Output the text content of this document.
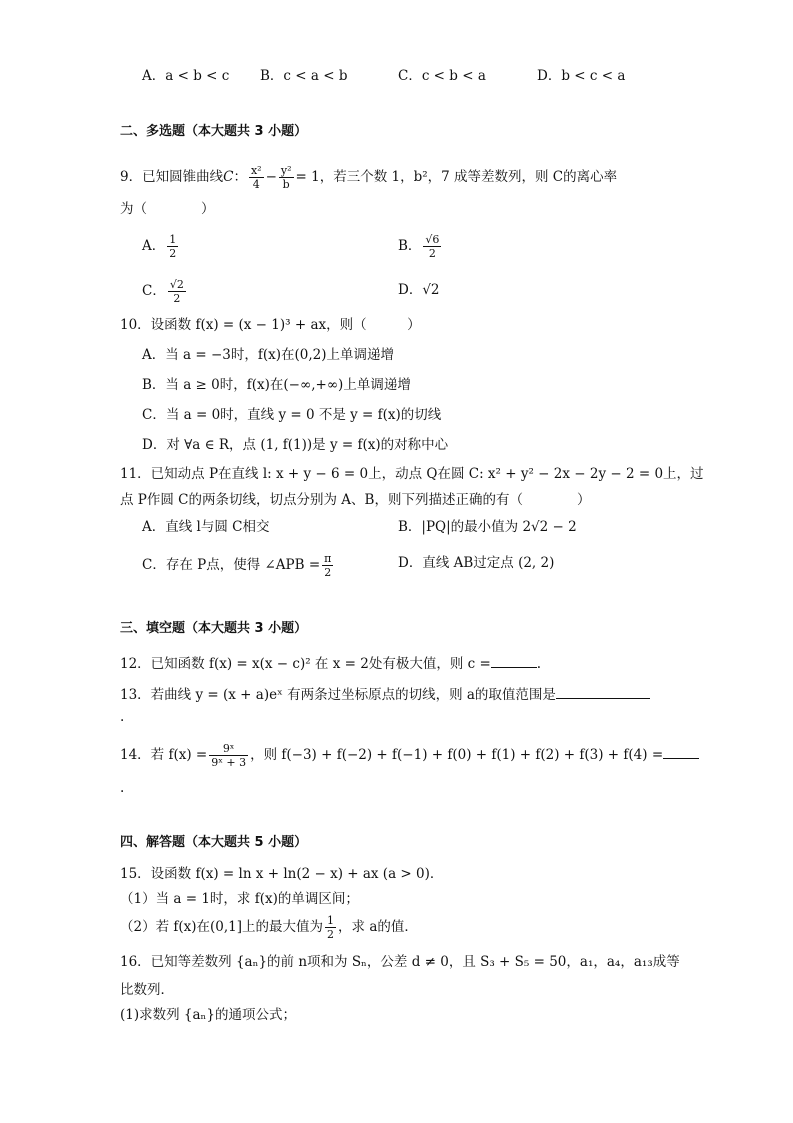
A．a < b < c B．c < a < b	C．c < b < a	D．b < c < a
二、多选题（本大题共 3 小题）
9．已知圆锥曲线C： $\frac{\text{x²}}{4} - \frac{\text{y²}}{b} = 1$，若三个数 1，b²，7 成等差数列，则 C的离心率
为（　　　　）
A． $\frac{1}{2}$	B． $\frac{√6}{2}$
C． $\frac{√2}{2}$	D．√2
10．设函数 f(x) = (x − 1)³ + ax，则（　　　）
A．当 a = −3时，f(x)在(0,2)上单调递增
B．当 a ≥ 0时，f(x)在(−∞,+∞)上单调递增
C．当 a = 0时，直线 y = 0 不是 y = f(x)的切线
D．对 ∀a ∈ R，点 (1, f(1))是 y = f(x)的对称中心
11．已知动点 P在直线 l: x + y − 6 = 0上，动点 Q在圆 C: x² + y² − 2x − 2y − 2 = 0上，过
点 P作圆 C的两条切线，切点分别为 A、B，则下列描述正确的有（　　　　）
A．直线 l与圆 C相交	B．|PQ|的最小值为 2√2 − 2
C．存在 P点，使得 ∠APB = $\frac{\pi}{2}$	D．直线 AB过定点 (2, 2)
三、填空题（本大题共 3 小题）
12．已知函数 f(x) = x(x − c)² 在 x = 2处有极大值，则 c =	.
13．若曲线 y = (x + a)eˣ 有两条过坐标原点的切线，则 a的取值范围是
.
14．若 $f(x) = \frac{\text{9ˣ}}{\text{9ˣ + 3}}$ ，则 f(−3) + f(−2) + f(−1) + f(0) + f(1) + f(2) + f(3) + f(4) =
.
四、解答题（本大题共 5 小题）
15．设函数 f(x) = ln x + ln(2 − x) + ax (a > 0)．
（1）当 a = 1时，求 f(x)的单调区间；
（2）若 f(x)在(0,1]上的最大值为 $\frac{1}{2}$ ，求 a的值．
16．已知等差数列 {aₙ}的前 n项和为 Sₙ，公差 d ≠ 0，且 S₃ + S₅ = 50，a₁，a₄，a₁₃成等
比数列．
(1)求数列 {aₙ}的通项公式；
